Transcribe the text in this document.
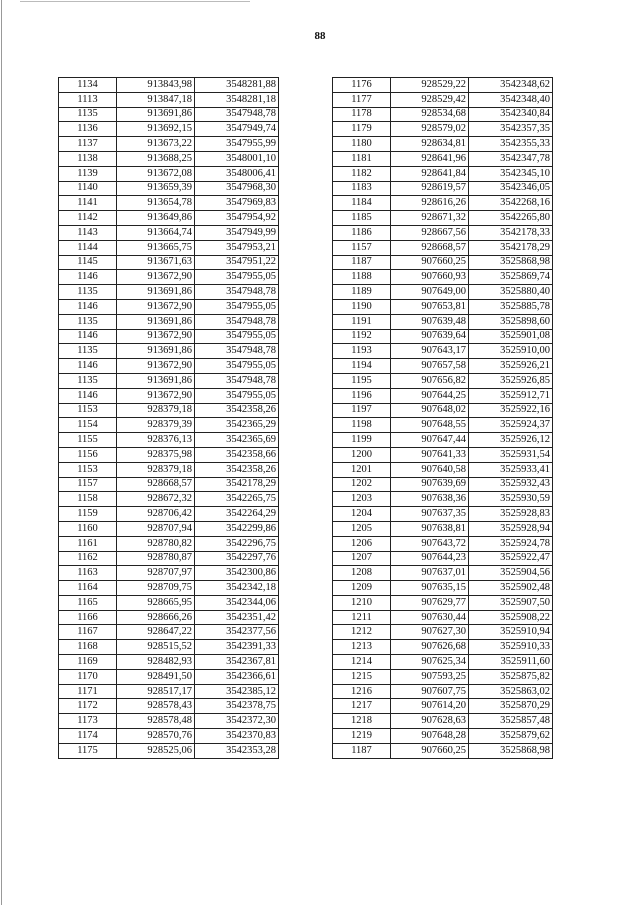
88
1134	913843,98	3548281,88
1113	913847,18	3548281,18
1135	913691,86	3547948,78
1136	913692,15	3547949,74
1137	913673,22	3547955,99
1138	913688,25	3548001,10
1139	913672,08	3548006,41
1140	913659,39	3547968,30
1141	913654,78	3547969,83
1142	913649,86	3547954,92
1143	913664,74	3547949,99
1144	913665,75	3547953,21
1145	913671,63	3547951,22
1146	913672,90	3547955,05
1135	913691,86	3547948,78
1146	913672,90	3547955,05
1135	913691,86	3547948,78
1146	913672,90	3547955,05
1135	913691,86	3547948,78
1146	913672,90	3547955,05
1135	913691,86	3547948,78
1146	913672,90	3547955,05
1153	928379,18	3542358,26
1154	928379,39	3542365,29
1155	928376,13	3542365,69
1156	928375,98	3542358,66
1153	928379,18	3542358,26
1157	928668,57	3542178,29
1158	928672,32	3542265,75
1159	928706,42	3542264,29
1160	928707,94	3542299,86
1161	928780,82	3542296,75
1162	928780,87	3542297,76
1163	928707,97	3542300,86
1164	928709,75	3542342,18
1165	928665,95	3542344,06
1166	928666,26	3542351,42
1167	928647,22	3542377,56
1168	928515,52	3542391,33
1169	928482,93	3542367,81
1170	928491,50	3542366,61
1171	928517,17	3542385,12
1172	928578,43	3542378,75
1173	928578,48	3542372,30
1174	928570,76	3542370,83
1175	928525,06	3542353,28
1176	928529,22	3542348,62
1177	928529,42	3542348,40
1178	928534,68	3542340,84
1179	928579,02	3542357,35
1180	928634,81	3542355,33
1181	928641,96	3542347,78
1182	928641,84	3542345,10
1183	928619,57	3542346,05
1184	928616,26	3542268,16
1185	928671,32	3542265,80
1186	928667,56	3542178,33
1157	928668,57	3542178,29
1187	907660,25	3525868,98
1188	907660,93	3525869,74
1189	907649,00	3525880,40
1190	907653,81	3525885,78
1191	907639,48	3525898,60
1192	907639,64	3525901,08
1193	907643,17	3525910,00
1194	907657,58	3525926,21
1195	907656,82	3525926,85
1196	907644,25	3525912,71
1197	907648,02	3525922,16
1198	907648,55	3525924,37
1199	907647,44	3525926,12
1200	907641,33	3525931,54
1201	907640,58	3525933,41
1202	907639,69	3525932,43
1203	907638,36	3525930,59
1204	907637,35	3525928,83
1205	907638,81	3525928,94
1206	907643,72	3525924,78
1207	907644,23	3525922,47
1208	907637,01	3525904,56
1209	907635,15	3525902,48
1210	907629,77	3525907,50
1211	907630,44	3525908,22
1212	907627,30	3525910,94
1213	907626,68	3525910,33
1214	907625,34	3525911,60
1215	907593,25	3525875,82
1216	907607,75	3525863,02
1217	907614,20	3525870,29
1218	907628,63	3525857,48
1219	907648,28	3525879,62
1187	907660,25	3525868,98
